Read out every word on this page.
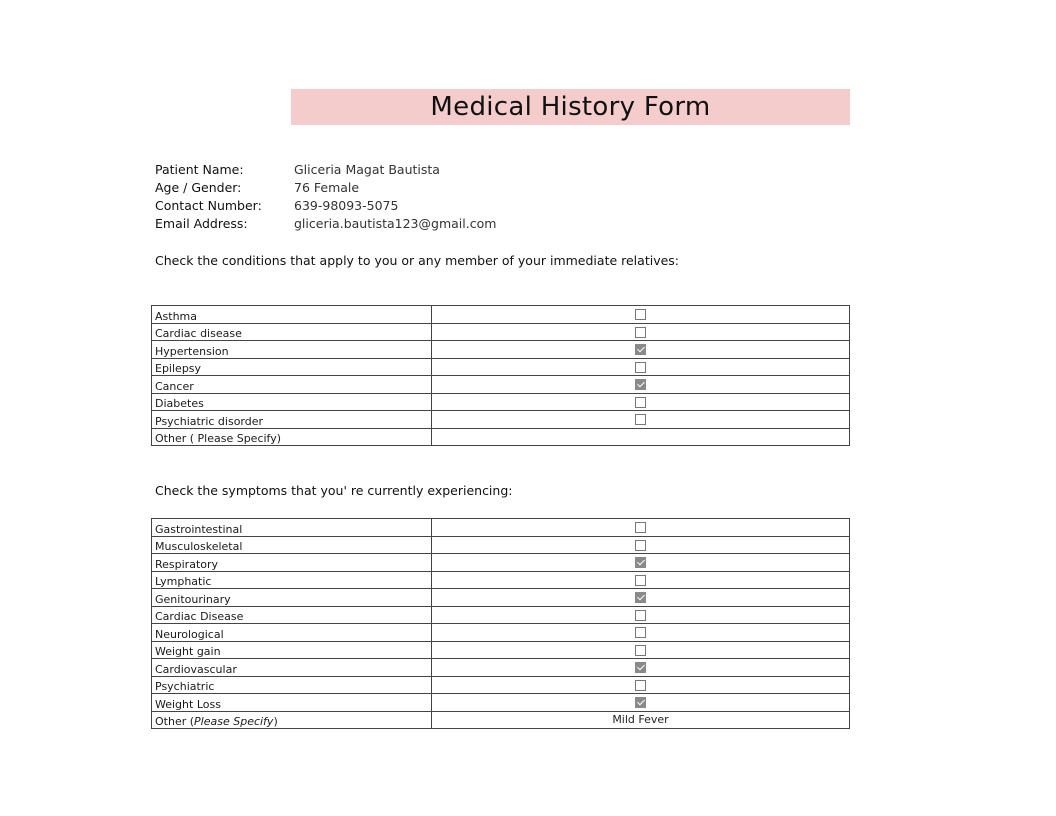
Medical History Form
Patient Name:	Gliceria Magat Bautista
Age / Gender:	76 Female
Contact Number:	639-98093-5075
Email Address:	gliceria.bautista123@gmail.com
Check the conditions that apply to you or any member of your immediate relatives:
Asthma	
Cardiac disease	
Hypertension	
Epilepsy	
Cancer	
Diabetes	
Psychiatric disorder	
Other ( Please Specify)	
Check the symptoms that you' re currently experiencing:
Gastrointestinal	
Musculoskeletal	
Respiratory	
Lymphatic	
Genitourinary	
Cardiac Disease	
Neurological	
Weight gain	
Cardiovascular	
Psychiatric	
Weight Loss	
Other (Please Specify)	Mild Fever
